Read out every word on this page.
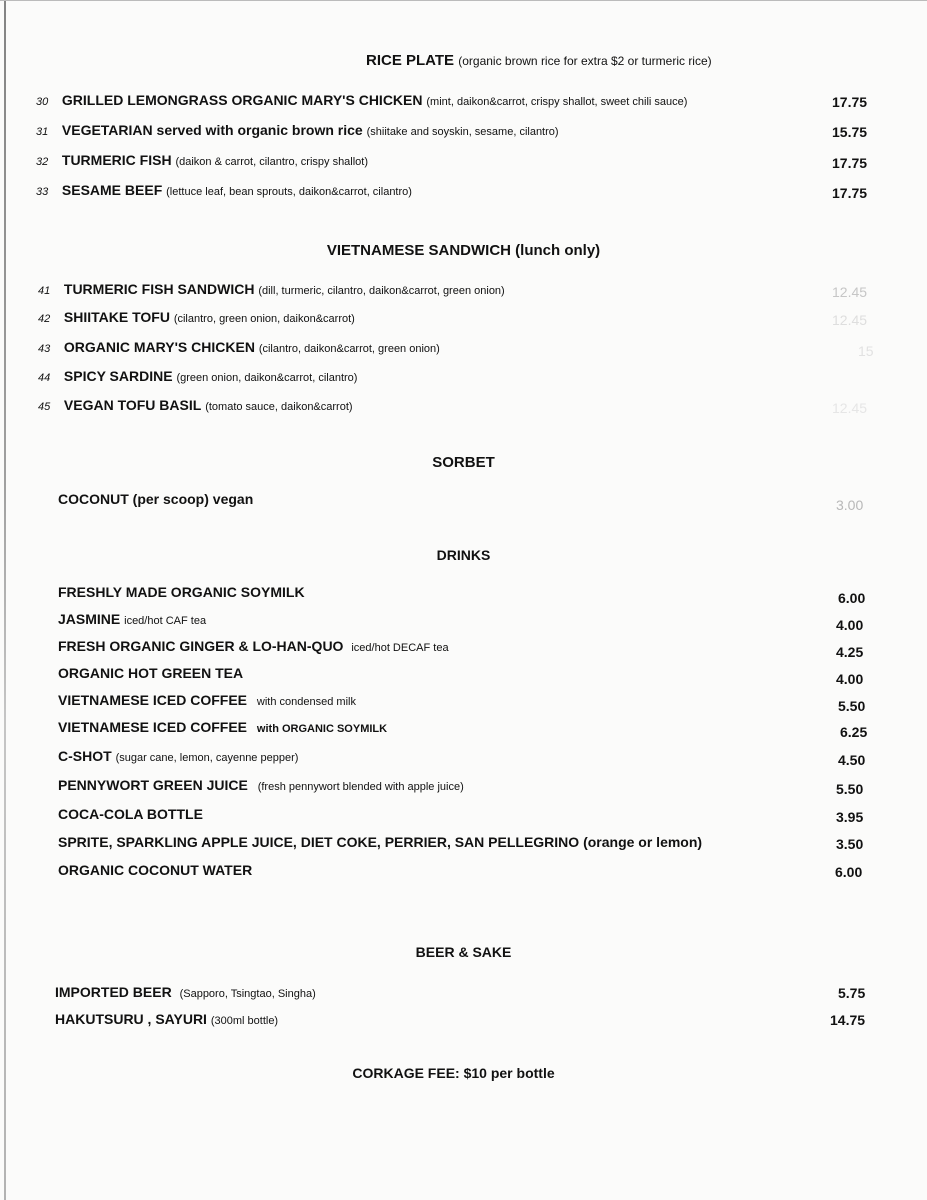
RICE PLATE (organic brown rice for extra $2 or turmeric rice)
30 GRILLED LEMONGRASS ORGANIC MARY'S CHICKEN (mint, daikon&carrot, crispy shallot, sweet chili sauce)	17.75
31 VEGETARIAN served with organic brown rice (shiitake and soyskin, sesame, cilantro)	15.75
32 TURMERIC FISH (daikon & carrot, cilantro, crispy shallot)	17.75
33 SESAME BEEF (lettuce leaf, bean sprouts, daikon&carrot, cilantro)	17.75
VIETNAMESE SANDWICH (lunch only)
41 TURMERIC FISH SANDWICH (dill, turmeric, cilantro, daikon&carrot, green onion)	12.45
42 SHIITAKE TOFU (cilantro, green onion, daikon&carrot)	12.45
43 ORGANIC MARY'S CHICKEN (cilantro, daikon&carrot, green onion)	15
44 SPICY SARDINE (green onion, daikon&carrot, cilantro)
45 VEGAN TOFU BASIL (tomato sauce, daikon&carrot)	12.45
SORBET
COCONUT (per scoop) vegan	3.00
DRINKS
FRESHLY MADE ORGANIC SOYMILK	6.00
JASMINE iced/hot CAF tea	4.00
FRESH ORGANIC GINGER & LO-HAN-QUO iced/hot DECAF tea	4.25
ORGANIC HOT GREEN TEA	4.00
VIETNAMESE ICED COFFEE with condensed milk	5.50
VIETNAMESE ICED COFFEE with ORGANIC SOYMILK	6.25
C-SHOT (sugar cane, lemon, cayenne pepper)	4.50
PENNYWORT GREEN JUICE (fresh pennywort blended with apple juice)	5.50
COCA-COLA BOTTLE	3.95
SPRITE, SPARKLING APPLE JUICE, DIET COKE, PERRIER, SAN PELLEGRINO (orange or lemon)	3.50
ORGANIC COCONUT WATER	6.00
BEER & SAKE
IMPORTED BEER (Sapporo, Tsingtao, Singha)	5.75
HAKUTSURU , SAYURI (300ml bottle)	14.75
CORKAGE FEE: $10 per bottle
